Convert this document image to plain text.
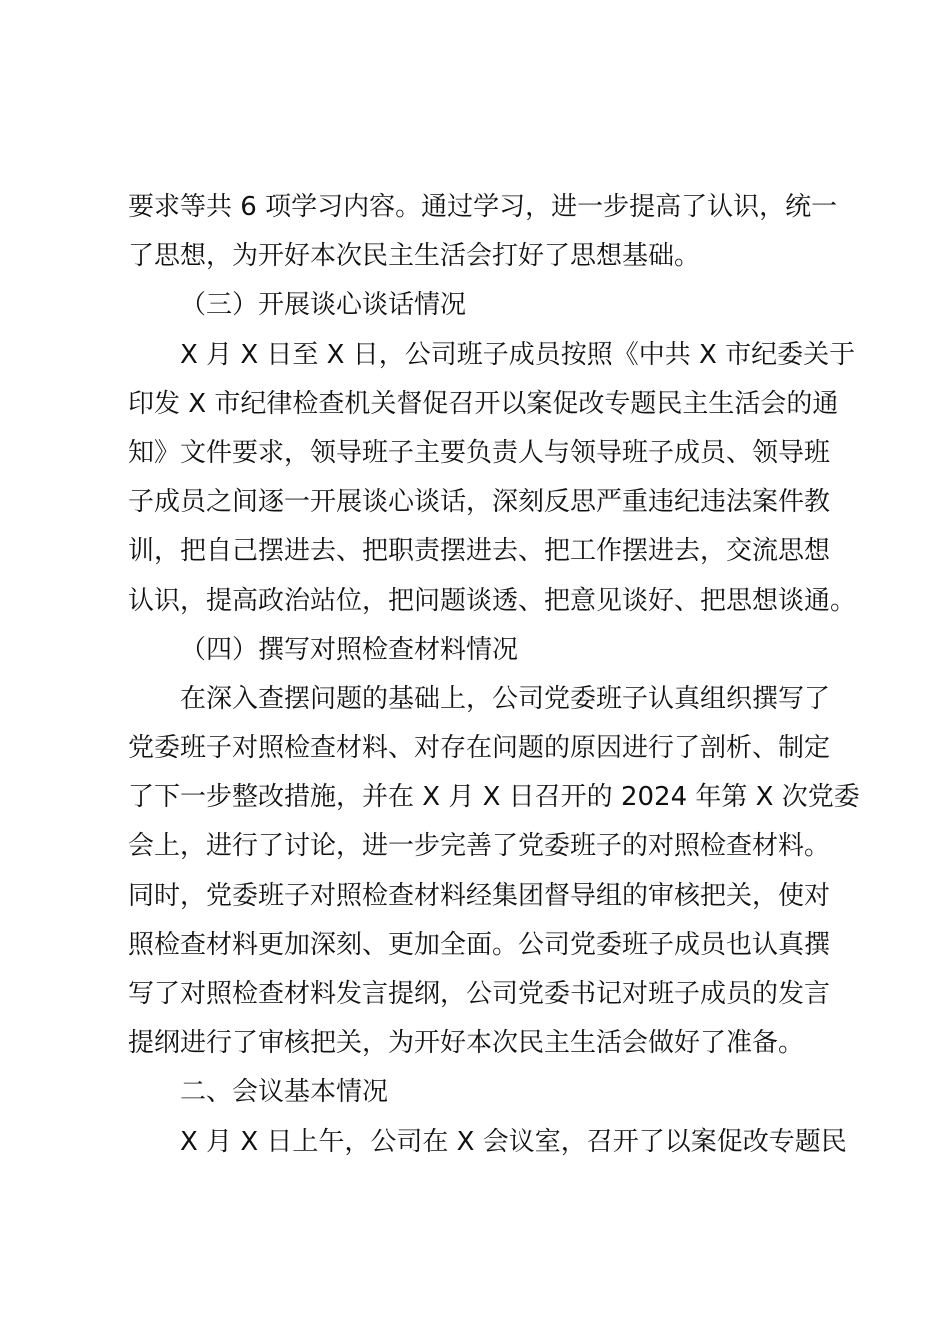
要求等共 6 项学习内容。通过学习，进一步提高了认识，统一
了思想，为开好本次民主生活会打好了思想基础。
（三）开展谈心谈话情况
X 月 X 日至 X 日，公司班子成员按照《中共 X 市纪委关于
印发 X 市纪律检查机关督促召开以案促改专题民主生活会的通
知》文件要求，领导班子主要负责人与领导班子成员、领导班
子成员之间逐一开展谈心谈话，深刻反思严重违纪违法案件教
训，把自己摆进去、把职责摆进去、把工作摆进去，交流思想
认识，提高政治站位，把问题谈透、把意见谈好、把思想谈通。
（四）撰写对照检查材料情况
在深入查摆问题的基础上，公司党委班子认真组织撰写了
党委班子对照检查材料、对存在问题的原因进行了剖析、制定
了下一步整改措施，并在 X 月 X 日召开的 2024 年第 X 次党委
会上，进行了讨论，进一步完善了党委班子的对照检查材料。
同时，党委班子对照检查材料经集团督导组的审核把关，使对
照检查材料更加深刻、更加全面。公司党委班子成员也认真撰
写了对照检查材料发言提纲，公司党委书记对班子成员的发言
提纲进行了审核把关，为开好本次民主生活会做好了准备。
二、会议基本情况
X 月 X 日上午，公司在 X 会议室，召开了以案促改专题民
